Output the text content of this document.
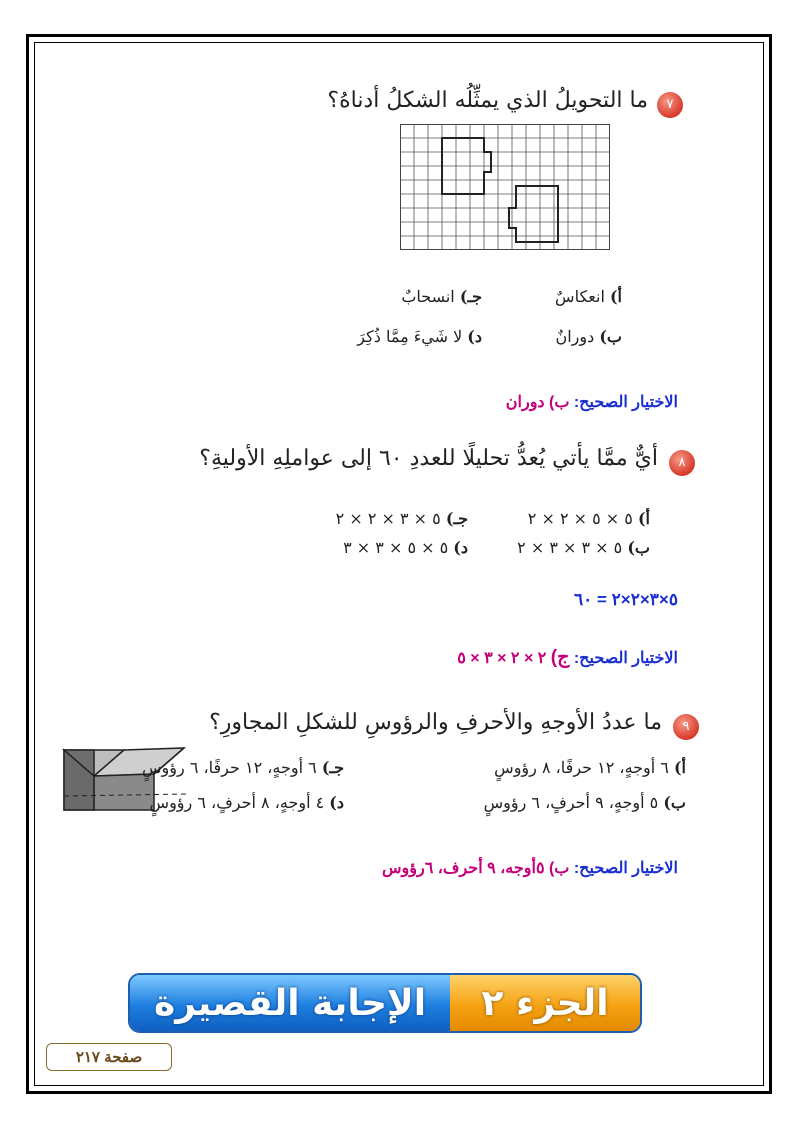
٧
ما التحويلُ الذي يمثِّلُه الشكلُ أدناهُ؟
أ) انعكاسٌ
جـ) انسحابٌ
ب) دورانٌ
د) لا شَيءَ مِمَّا ذُكِرَ
الاختيار الصحيح: ب) دوران
٨
أيٌّ ممَّا يأتي يُعدُّ تحليلًا للعددِ ٦٠ إلى عواملِهِ الأوليةِ؟
أ) ٥ × ٥ × ٢ × ٢
جـ) ٥ × ٣ × ٢ × ٢
ب) ٥ × ٣ × ٣ × ٢
د) ٥ × ٥ × ٣ × ٣
٥×٣×٢×٢ = ٦٠
الاختيار الصحيح: ج) ٢ × ٢ × ٣ × ٥
٩
ما عددُ الأوجهِ والأحرفِ والرؤوسِ للشكلِ المجاورِ؟
أ) ٦ أوجهٍ، ١٢ حرفًا، ٨ رؤوسٍ
جـ) ٦ أوجهٍ، ١٢ حرفًا، ٦ رؤوسٍ
ب) ٥ أوجهٍ، ٩ أحرفٍ، ٦ رؤوسٍ
د) ٤ أوجهٍ، ٨ أحرفٍ، ٦ رؤوسٍ
الاختيار الصحيح: ب) ٥أوجه، ٩ أحرف، ٦رؤوس
الإجابة القصيرة	الجزء ٢
صفحة ٢١٧
